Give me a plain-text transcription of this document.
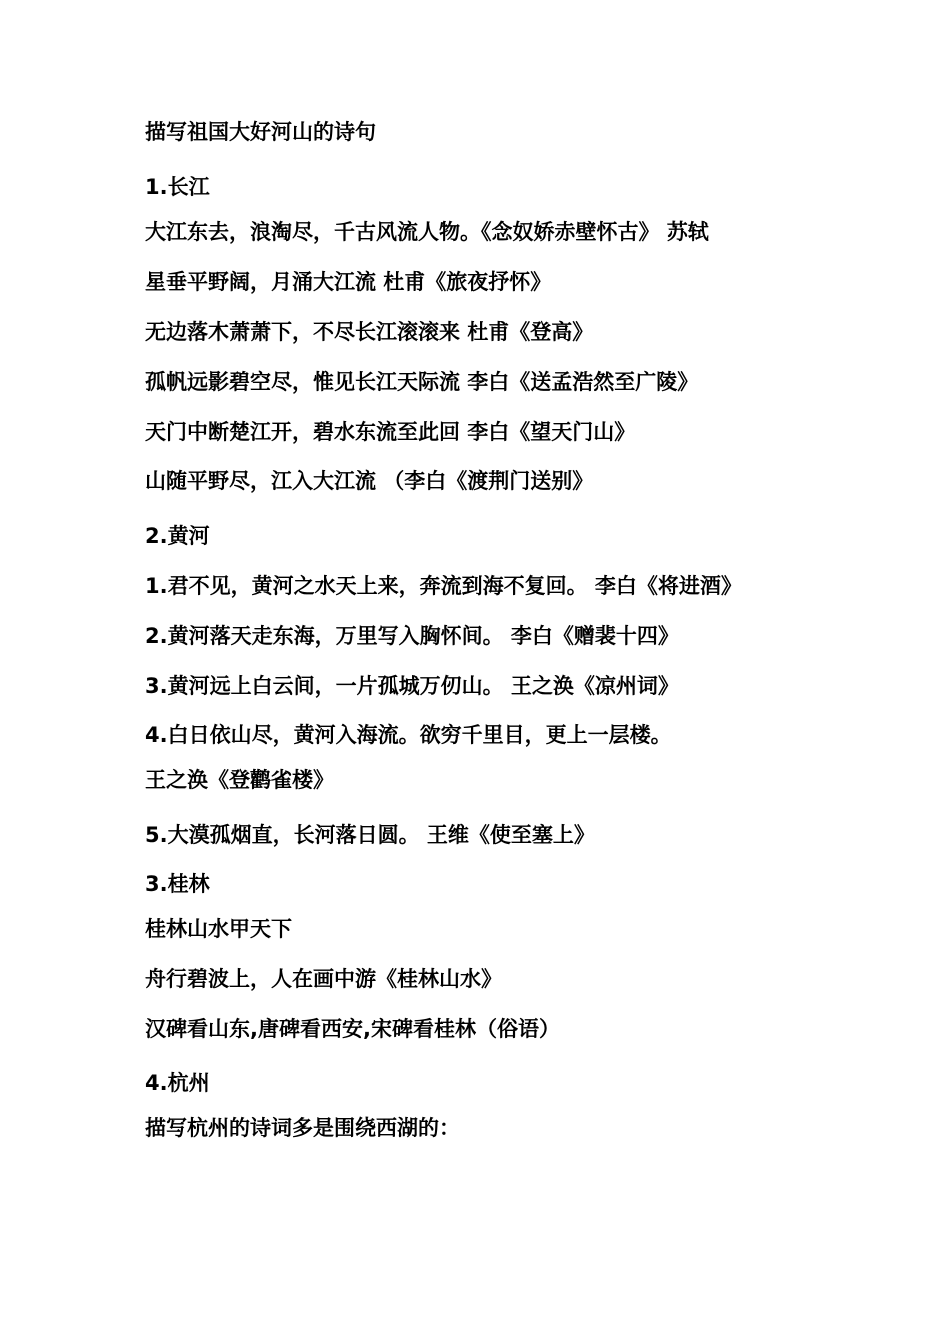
描写祖国大好河山的诗句

1.长江

大江东去，浪淘尽，千古风流人物。《念奴娇赤壁怀古》 苏轼

星垂平野阔，月涌大江流 杜甫《旅夜抒怀》

无边落木萧萧下，不尽长江滚滚来 杜甫《登高》

孤帆远影碧空尽，惟见长江天际流 李白《送孟浩然至广陵》

天门中断楚江开，碧水东流至此回 李白《望天门山》

山随平野尽，江入大江流 （李白《渡荆门送别》

2.黄河

1.君不见，黄河之水天上来，奔流到海不复回。 李白《将进酒》

2.黄河落天走东海，万里写入胸怀间。 李白《赠裴十四》

3.黄河远上白云间，一片孤城万仞山。 王之涣《凉州词》

4.白日依山尽，黄河入海流。欲穷千里目，更上一层楼。

王之涣《登鹳雀楼》

5.大漠孤烟直，长河落日圆。 王维《使至塞上》

3.桂林

桂林山水甲天下

舟行碧波上，人在画中游《桂林山水》

汉碑看山东,唐碑看西安,宋碑看桂林（俗语）

4.杭州

描写杭州的诗词多是围绕西湖的：
